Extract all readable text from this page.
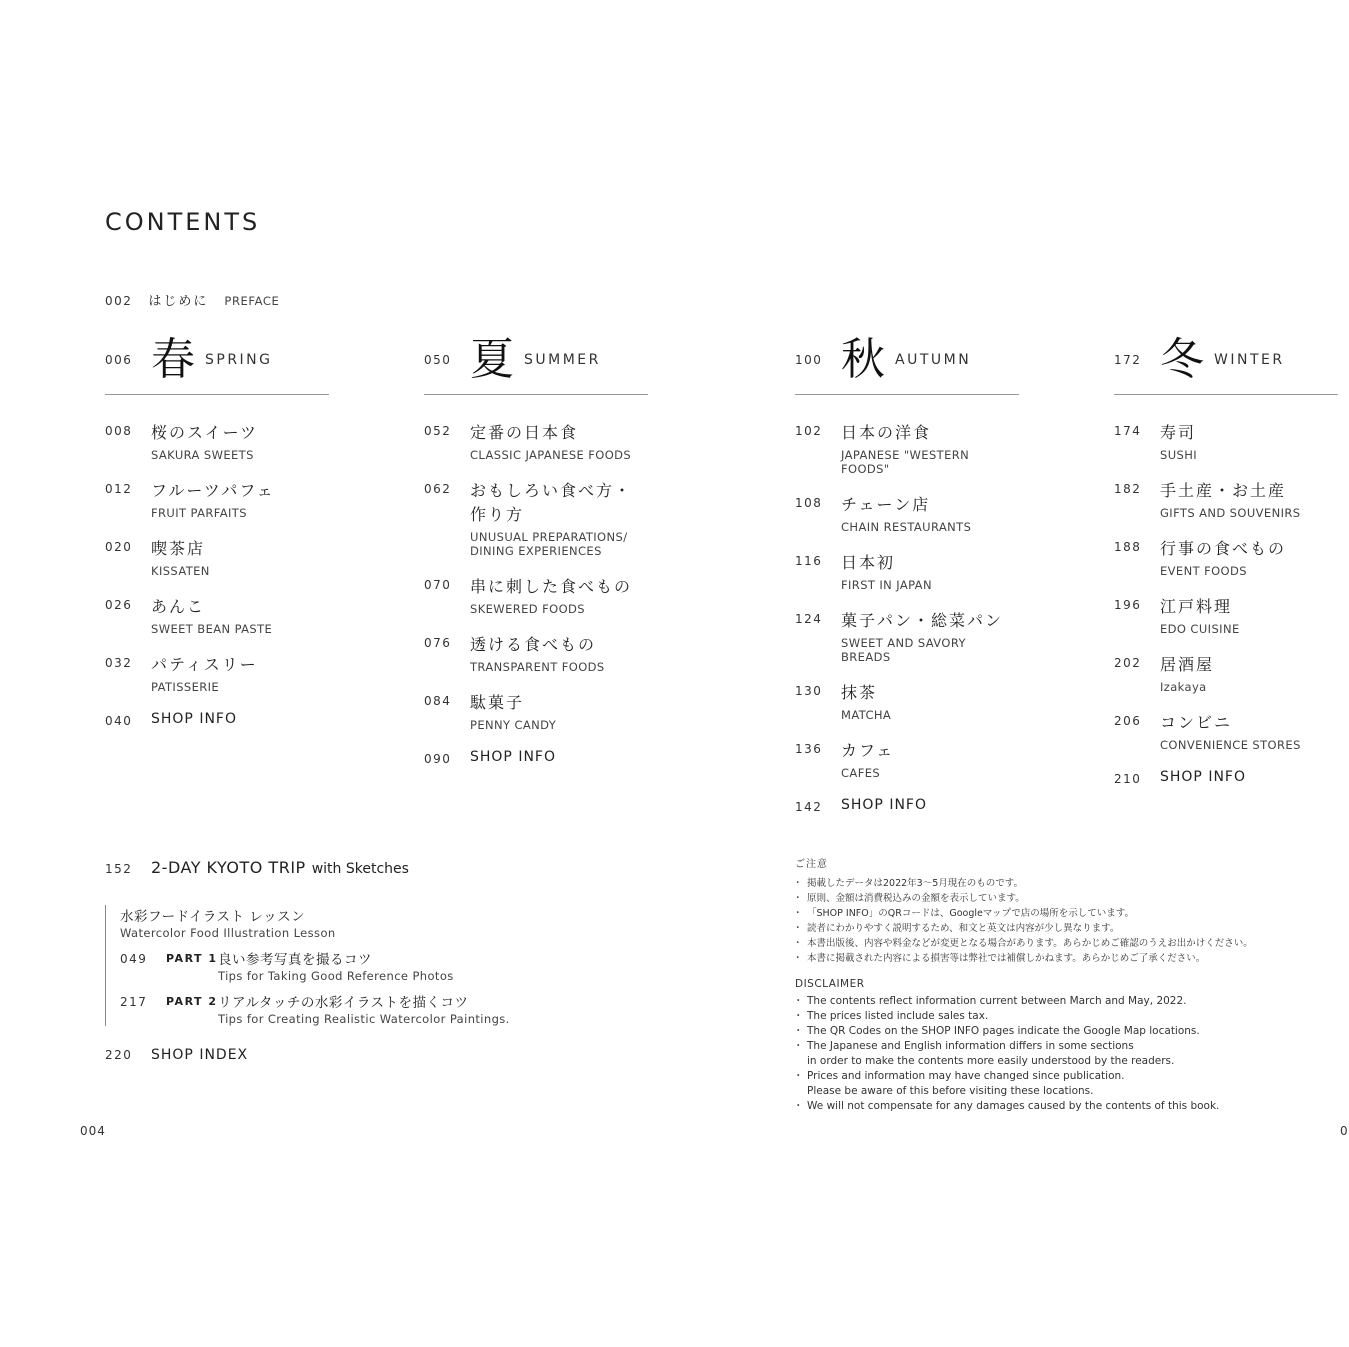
CONTENTS
002 はじめに PREFACE
006 春 SPRING
008	桜のスイーツ
SAKURA SWEETS
012	フルーツパフェ
FRUIT PARFAITS
020	喫茶店
KISSATEN
026	あんこ
SWEET BEAN PASTE
032	パティスリー
PATISSERIE
040	SHOP INFO
050 夏 SUMMER
052	定番の日本食
CLASSIC JAPANESE FOODS
062	おもしろい食べ方・作り方
UNUSUAL PREPARATIONS/ DINING EXPERIENCES
070	串に刺した食べもの
SKEWERED FOODS
076	透ける食べもの
TRANSPARENT FOODS
084	駄菓子
PENNY CANDY
090	SHOP INFO
100 秋 AUTUMN
102	日本の洋食
JAPANESE "WESTERN FOODS"
108	チェーン店
CHAIN RESTAURANTS
116	日本初
FIRST IN JAPAN
124	菓子パン・総菜パン
SWEET AND SAVORY BREADS
130	抹茶
MATCHA
136	カフェ
CAFES
142	SHOP INFO
172 冬 WINTER
174	寿司
SUSHI
182	手土産・お土産
GIFTS AND SOUVENIRS
188	行事の食べもの
EVENT FOODS
196	江戸料理
EDO CUISINE
202	居酒屋
Izakaya
206	コンビニ
CONVENIENCE STORES
210	SHOP INFO
152	2-DAY KYOTO TRIP with Sketches
水彩フードイラスト レッスン
Watercolor Food Illustration Lesson
049	PART 1 良い参考写真を撮るコツ
Tips for Taking Good Reference Photos
217	PART 2 リアルタッチの水彩イラストを描くコツ
Tips for Creating Realistic Watercolor Paintings.
220	SHOP INDEX
ご注意
・ 掲載したデータは2022年3〜5月現在のものです。
・ 原則、金額は消費税込みの金額を表示しています。
・ 「SHOP INFO」のQRコードは、Googleマップで店の場所を示しています。
・ 読者にわかりやすく説明するため、和文と英文は内容が少し異なります。
・ 本書出版後、内容や料金などが変更となる場合があります。あらかじめご確認のうえお出かけください。
・ 本書に掲載された内容による損害等は弊社では補償しかねます。あらかじめご了承ください。
DISCLAIMER
・ The contents reflect information current between March and May, 2022.
・ The prices listed include sales tax.
・ The QR Codes on the SHOP INFO pages indicate the Google Map locations.
・ The Japanese and English information differs in some sections
in order to make the contents more easily understood by the readers.
・ Prices and information may have changed since publication.
Please be aware of this before visiting these locations.
・ We will not compensate for any damages caused by the contents of this book.
004	0
